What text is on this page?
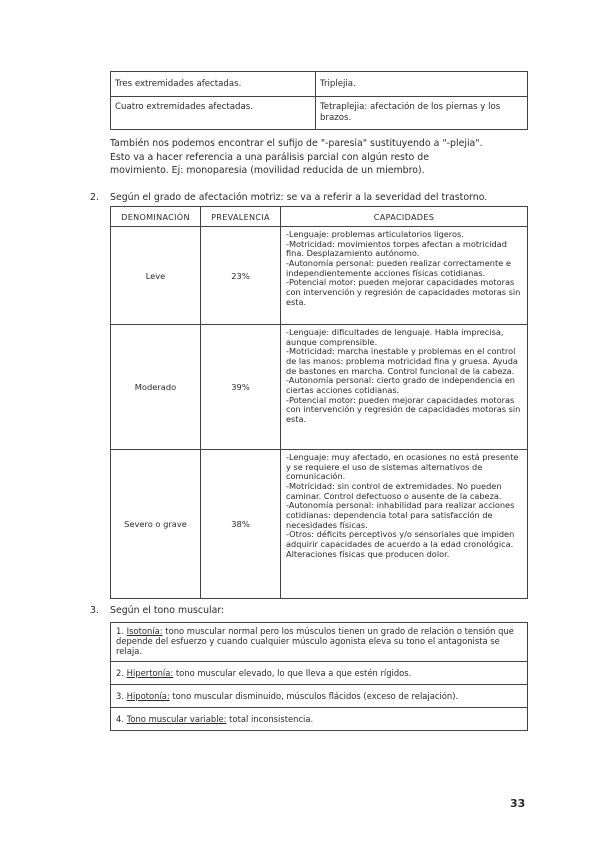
Tres extremidades afectadas.	Triplejia.
Cuatro extremidades afectadas.	Tetraplejia: afectación de los piernas y los brazos.
También nos podemos encontrar el sufijo de "-paresia" sustituyendo a "-plejia".
Esto va a hacer referencia a una parálisis parcial con algún resto de
movimiento. Ej: monoparesia (movilidad reducida de un miembro).
2. Según el grado de afectación motriz: se va a referir a la severidad del trastorno.
DENOMINACIÓN	PREVALENCIA	CAPACIDADES
Leve	23%	-Lenguaje: problemas articulatorios ligeros.
-Motricidad: movimientos torpes afectan a motricidad fina. Desplazamiento autónomo.
-Autonomía personal: pueden realizar correctamente e independientemente acciones físicas cotidianas.
-Potencial motor: pueden mejorar capacidades motoras con intervención y regresión de capacidades motoras sin esta.

Moderado	39%	-Lenguaje: dificultades de lenguaje. Habla imprecisa, aunque comprensible.
-Motricidad: marcha inestable y problemas en el control de las manos: problema motricidad fina y gruesa. Ayuda de bastones en marcha. Control funcional de la cabeza.
-Autonomía personal: cierto grado de independencia en ciertas acciones cotidianas.
-Potencial motor: pueden mejorar capacidades motoras con intervención y regresión de capacidades motoras sin esta.

Severo o grave	38%	-Lenguaje: muy afectado, en ocasiones no está presente y se requiere el uso de sistemas alternativos de comunicación.
-Motricidad: sin control de extremidades. No pueden caminar. Control defectuoso o ausente de la cabeza.
-Autonomía personal: inhabilidad para realizar acciones cotidianas: dependencia total para satisfacción de necesidades físicas.
-Otros: déficits perceptivos y/o sensoriales que impiden adquirir capacidades de acuerdo a la edad cronológica. Alteraciones físicas que producen dolor.
3. Según el tono muscular:
1. Isotonía: tono muscular normal pero los músculos tienen un grado de relación o tensión que depende del esfuerzo y cuando cualquier músculo agonista eleva su tono el antagonista se relaja.
2. Hipertonía: tono muscular elevado, lo que lleva a que estén rígidos.
3. Hipotonía: tono muscular disminuido, músculos flácidos (exceso de relajación).
4. Tono muscular variable: total inconsistencia.
33
